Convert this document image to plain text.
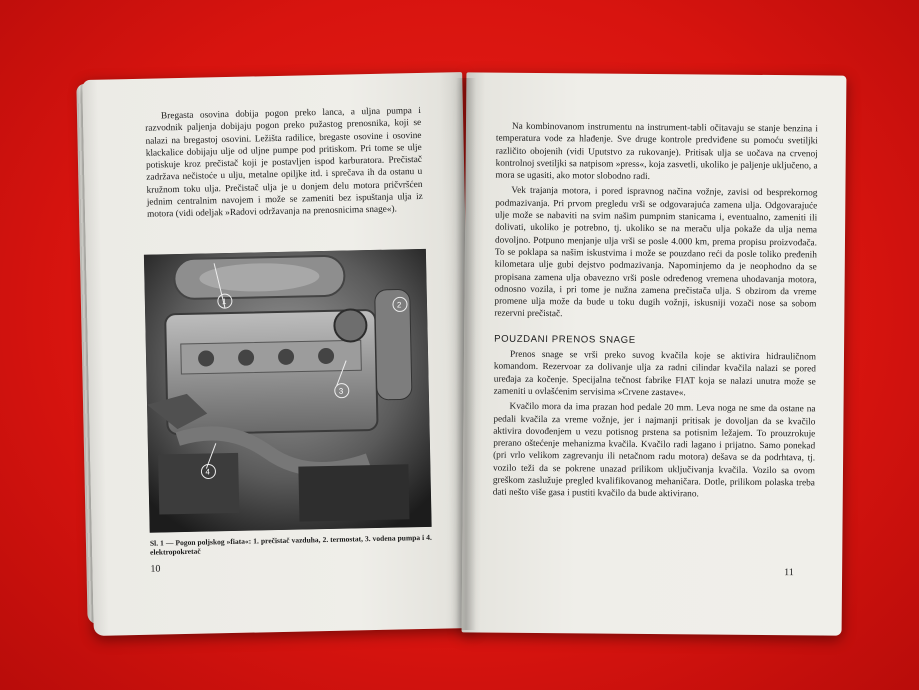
Bregasta osovina dobija pogon preko lanca, a uljna pumpa i razvodnik paljenja dobijaju pogon preko pužastog prenosnika, koji se nalazi na bregastoj osovini. Ležišta radilice, bregaste osovine i osovine klackalice dobijaju ulje od uljne pumpe pod pritiskom. Pri tome se ulje potiskuje kroz prečistač koji je postavljen ispod karburatora. Prečistač zadržava nečistoće u ulju, metalne opiljke itd. i sprečava ih da ostanu u kružnom toku ulja. Prečistač ulja je u donjem delu motora pričvršćen jednim centralnim navojem i može se zameniti bez ispuštanja ulja iz motora (vidi odeljak »Radovi održavanja na prenosnicima snage«).

1	2
3
4
Sl. 1 — Pogon poljskog »fiata«: 1. prečistač vazduha, 2. termostat, 3. vodena pumpa i 4. elektropokretač
10

Na kombinovanom instrumentu na instrument-tabli očitavaju se stanje benzina i temperatura vode za hlađenje. Sve druge kontrole predviđene su pomoću svetiljki različito obojenih (vidi Uputstvo za rukovanje). Pritisak ulja se uočava na crvenoj kontrolnoj svetiljki sa natpisom »press«, koja zasvetli, ukoliko je paljenje uključeno, a mora se ugasiti, ako motor slobodno radi.

Vek trajanja motora, i pored ispravnog načina vožnje, zavisi od besprekornog podmazivanja. Pri prvom pregledu vrši se odgovarajuća zamena ulja. Odgovarajuće ulje može se nabaviti na svim našim pumpnim stanicama i, eventualno, zameniti ili dolivati, ukoliko je potrebno, tj. ukoliko se na meraču ulja pokaže da ulja nema dovoljno. Potpuno menjanje ulja vrši se posle 4.000 km, prema propisu proizvođača. To se poklapa sa našim iskustvima i može se pouzdano reći da posle toliko pređenih kilometara ulje gubi dejstvo podmazivanja. Napominjemo da je neophodno da se propisana zamena ulja obavezno vrši posle određenog vremena uhodavanja motora, odnosno vozila, i pri tome je nužna zamena prečistača ulja. S obzirom da vreme promene ulja može da bude u toku dugih vožnji, iskusniji vozači nose sa sobom rezervni prečistač.

POUZDANI PRENOS SNAGE

Prenos snage se vrši preko suvog kvačila koje se aktivira hidrauličnom komandom. Rezervoar za dolivanje ulja za radni cilindar kvačila nalazi se pored uređaja za kočenje. Specijalna tečnost fabrike FIAT koja se nalazi unutra može se zameniti u ovlašćenim servisima »Crvene zastave«.

Kvačilo mora da ima prazan hod pedale 20 mm. Leva noga ne sme da ostane na pedali kvačila za vreme vožnje, jer i najmanji pritisak je dovoljan da se kvačilo aktivira dovođenjem u vezu potisnog prstena sa potisnim ležajem. To prouzrokuje prerano oštećenje mehanizma kvačila. Kvačilo radi lagano i prijatno. Samo ponekad (pri vrlo velikom zagrevanju ili netačnom radu motora) dešava se da podrhtava, tj. vozilo teži da se pokrene unazad prilikom uključivanja kvačila. Vozilo sa ovom greškom zaslužuje pregled kvalifikovanog mehaničara. Dotle, prilikom polaska treba dati nešto više gasa i pustiti kvačilo da bude aktivirano.

11
